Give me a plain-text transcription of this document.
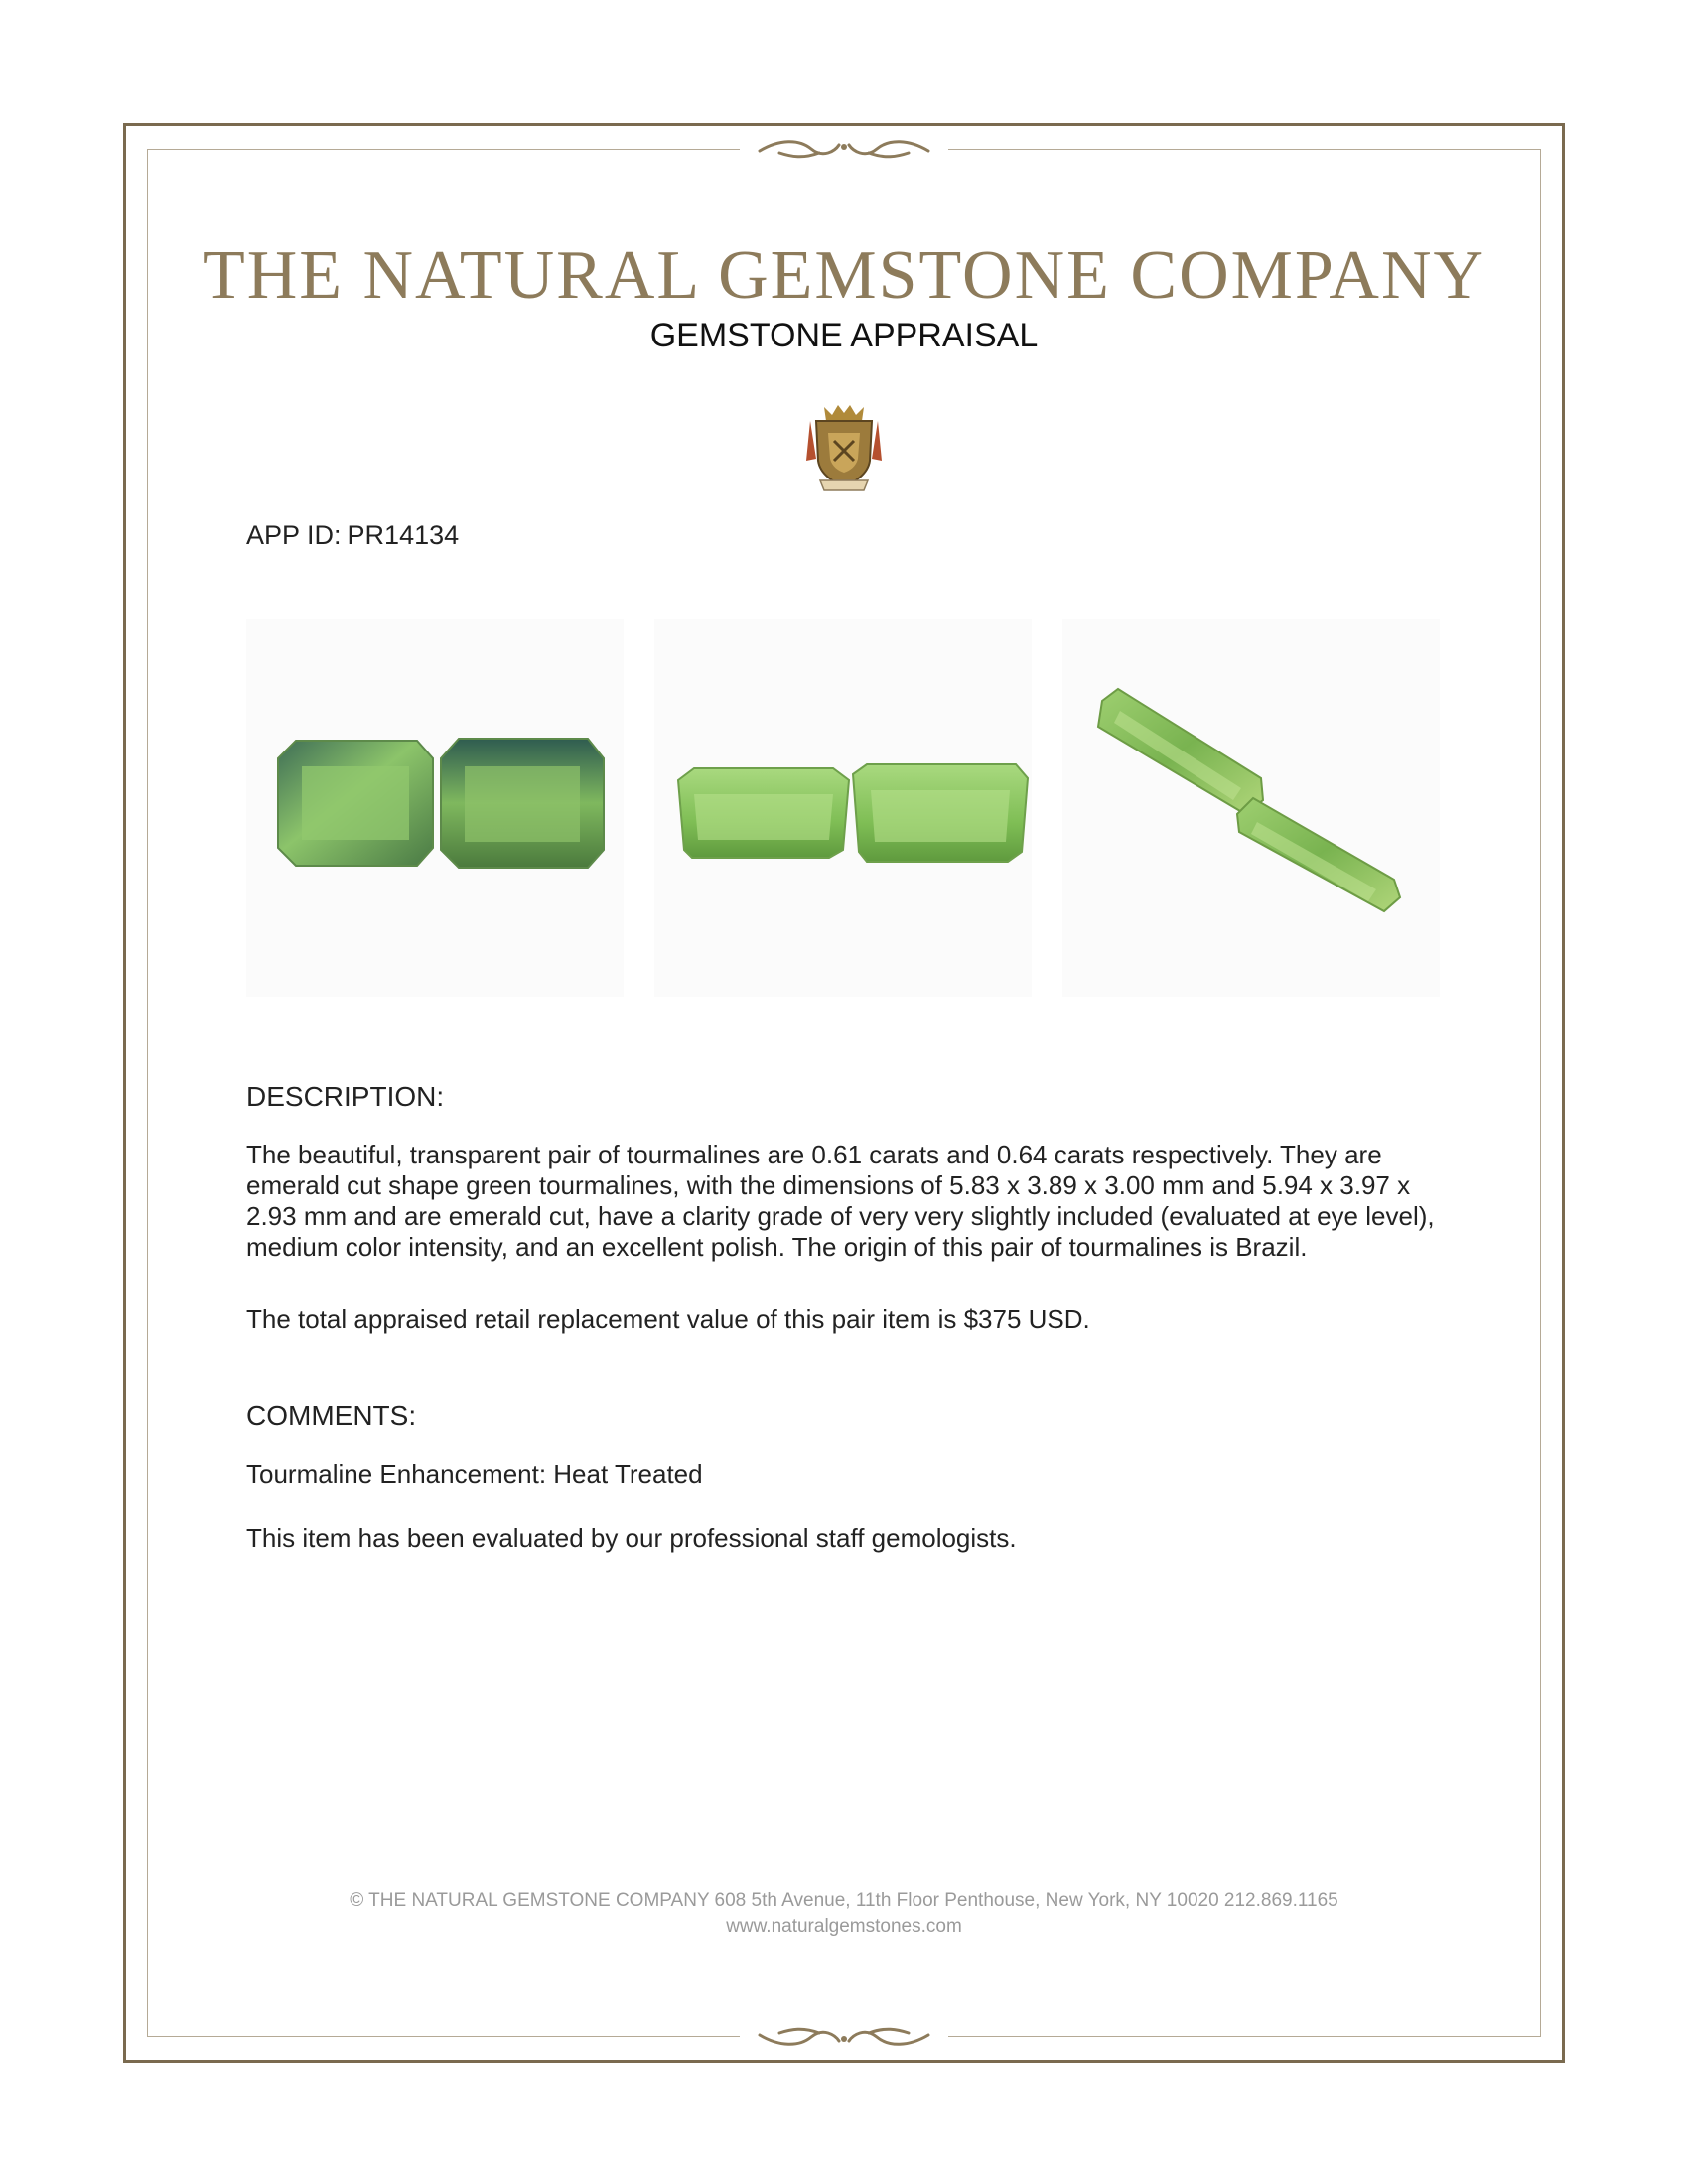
THE NATURAL GEMSTONE COMPANY
GEMSTONE APPRAISAL
APP ID: PR14134
DESCRIPTION:
The beautiful, transparent pair of tourmalines are 0.61 carats and 0.64 carats respectively. They are emerald cut shape green tourmalines, with the dimensions of 5.83 x 3.89 x 3.00 mm and 5.94 x 3.97 x 2.93 mm and are emerald cut, have a clarity grade of very very slightly included (evaluated at eye level), medium color intensity, and an excellent polish. The origin of this pair of tourmalines is Brazil.
The total appraised retail replacement value of this pair item is $375 USD.
COMMENTS:
Tourmaline Enhancement: Heat Treated
This item has been evaluated by our professional staff gemologists.
© THE NATURAL GEMSTONE COMPANY 608 5th Avenue, 11th Floor Penthouse, New York, NY 10020 212.869.1165
www.naturalgemstones.com
